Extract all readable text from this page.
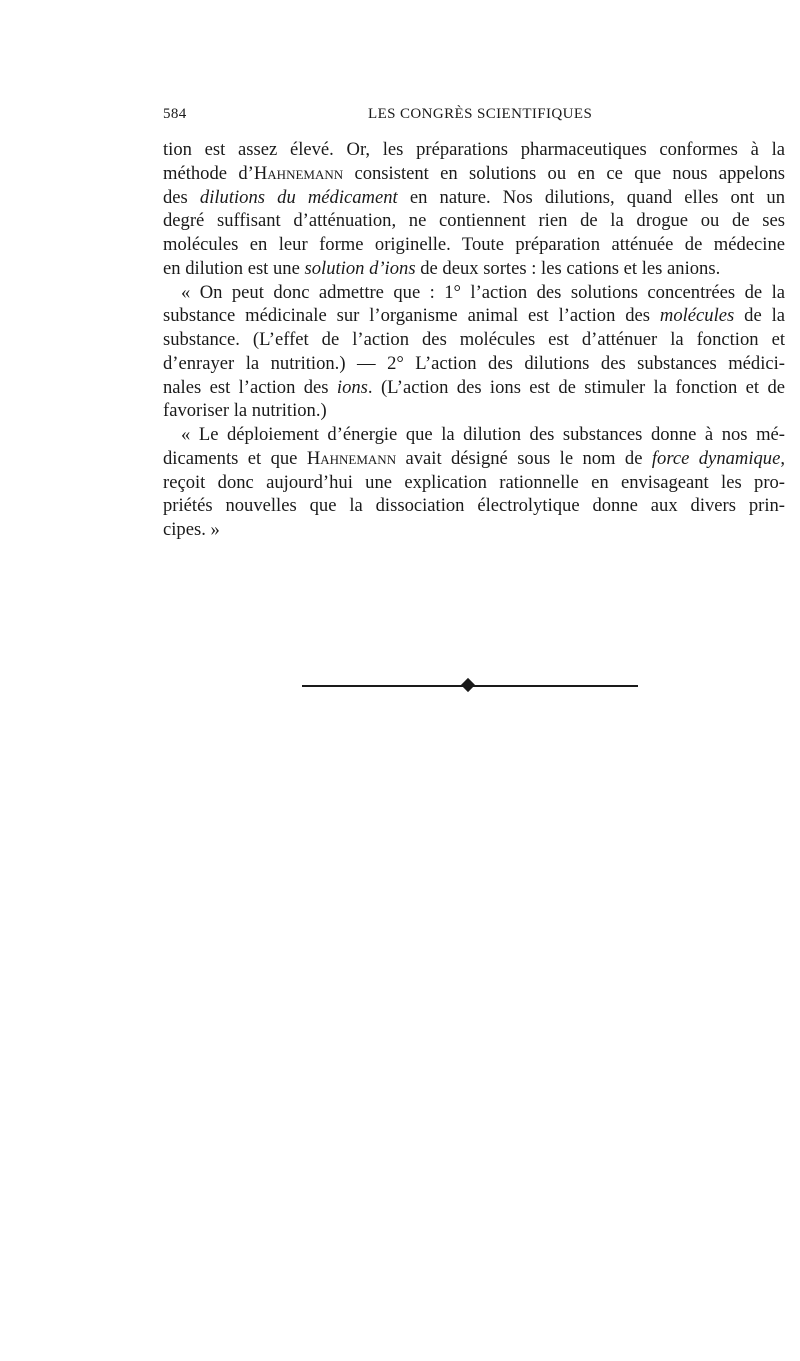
584	LES CONGRÈS SCIENTIFIQUES
tion est assez élevé. Or, les préparations pharmaceutiques conformes à la
méthode d’Hahnemann consistent en solutions ou en ce que nous appelons
des dilutions du médicament en nature. Nos dilutions, quand elles ont un
degré suffisant d’atténuation, ne contiennent rien de la drogue ou de ses
molécules en leur forme originelle. Toute préparation atténuée de médecine
en dilution est une solution d’ions de deux sortes : les cations et les anions.
« On peut donc admettre que : 1° l’action des solutions concentrées de la
substance médicinale sur l’organisme animal est l’action des molécules de la
substance. (L’effet de l’action des molécules est d’atténuer la fonction et
d’enrayer la nutrition.) — 2° L’action des dilutions des substances médici-
nales est l’action des ions. (L’action des ions est de stimuler la fonction et de
favoriser la nutrition.)
« Le déploiement d’énergie que la dilution des substances donne à nos mé-
dicaments et que Hahnemann avait désigné sous le nom de force dynamique,
reçoit donc aujourd’hui une explication rationnelle en envisageant les pro-
priétés nouvelles que la dissociation électrolytique donne aux divers prin-
cipes. »
